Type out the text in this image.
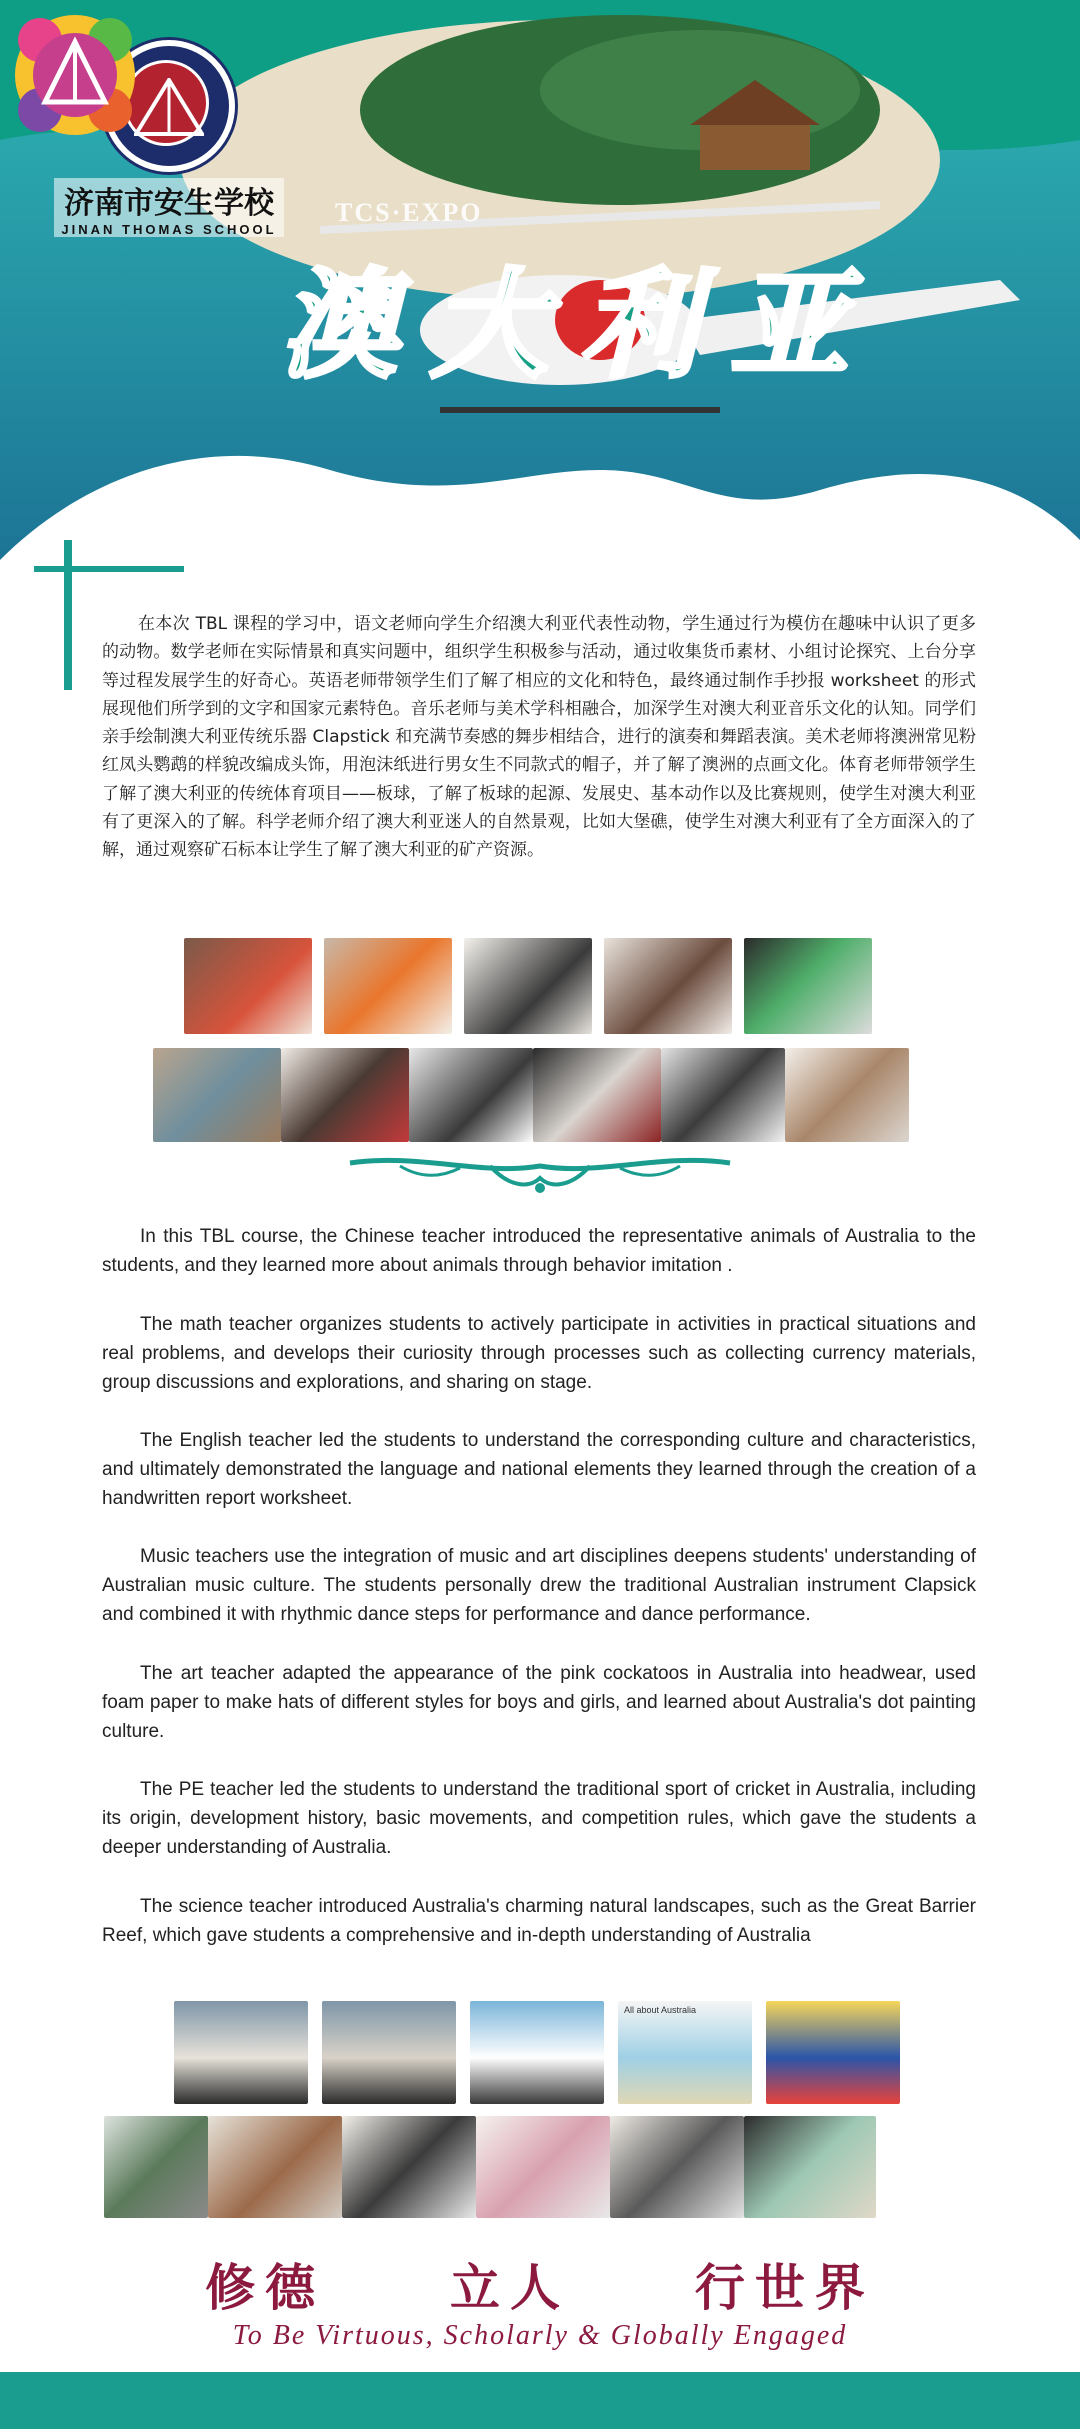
济南市安生学校
JINAN THOMAS SCHOOL
TCS·EXPO
澳大利亚

在本次 TBL 课程的学习中，语文老师向学生介绍澳大利亚代表性动物，学生通过行为模仿在趣味中认识了更多的动物。数学老师在实际情景和真实问题中，组织学生积极参与活动，通过收集货币素材、小组讨论探究、上台分享等过程发展学生的好奇心。英语老师带领学生们了解了相应的文化和特色，最终通过制作手抄报 worksheet 的形式展现他们所学到的文字和国家元素特色。音乐老师与美术学科相融合，加深学生对澳大利亚音乐文化的认知。同学们亲手绘制澳大利亚传统乐器 Clapstick 和充满节奏感的舞步相结合，进行的演奏和舞蹈表演。美术老师将澳洲常见粉红凤头鹦鹉的样貌改编成头饰，用泡沫纸进行男女生不同款式的帽子，并了解了澳洲的点画文化。体育老师带领学生了解了澳大利亚的传统体育项目——板球，了解了板球的起源、发展史、基本动作以及比赛规则，使学生对澳大利亚有了更深入的了解。科学老师介绍了澳大利亚迷人的自然景观，比如大堡礁，使学生对澳大利亚有了全方面深入的了解，通过观察矿石标本让学生了解了澳大利亚的矿产资源。

In this TBL course, the Chinese teacher introduced the representative animals of Australia to the students, and they learned more about animals through behavior imitation .

The math teacher organizes students to actively participate in activities in practical situations and real problems, and develops their curiosity through processes such as collecting currency materials, group discussions and explorations, and sharing on stage.

The English teacher led the students to understand the corresponding culture and characteristics, and ultimately demonstrated the language and national elements they learned through the creation of a handwritten report worksheet.

Music teachers use the integration of music and art disciplines deepens students' understanding of Australian music culture. The students personally drew the traditional Australian instrument Clapsick and combined it with rhythmic dance steps for performance and dance performance.

The art teacher adapted the appearance of the pink cockatoos in Australia into headwear, used foam paper to make hats of different styles for boys and girls, and learned about Australia's dot painting culture.

The PE teacher led the students to understand the traditional sport of cricket in Australia, including its origin, development history, basic movements, and competition rules, which gave the students a deeper understanding of Australia.

The science teacher introduced Australia's charming natural landscapes, such as the Great Barrier Reef, which gave students a comprehensive and in-depth understanding of Australia

All about Australia
修德 立人 行世界
To Be Virtuous, Scholarly & Globally Engaged
